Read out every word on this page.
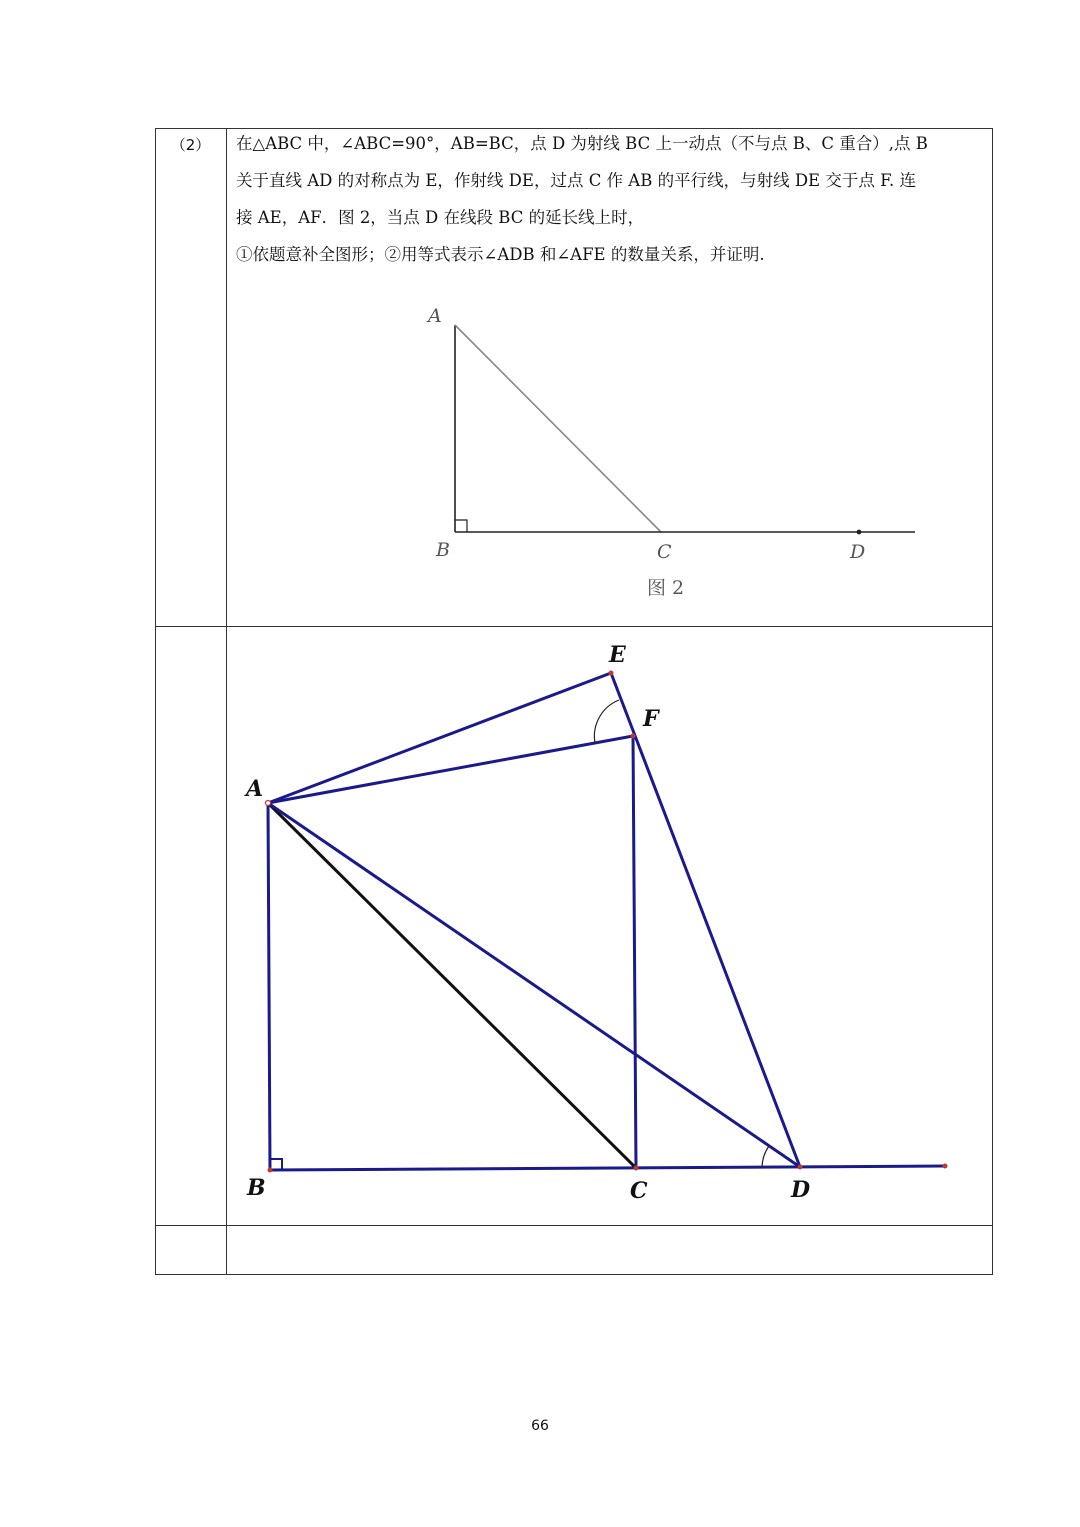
（2）	在△ABC 中，∠ABC=90°，AB=BC，点 D 为射线 BC 上一动点（不与点 B、C 重合）,点 B

关于直线 AD 的对称点为 E，作射线 DE，过点 C 作 AB 的平行线，与射线 DE 交于点 F. 连

接 AE，AF．图 2，当点 D 在线段 BC 的延长线上时，

①依题意补全图形；②用等式表示∠ADB 和∠AFE 的数量关系，并证明.

A
B	C	D
图 2
A
B	C	D
E
F
66
